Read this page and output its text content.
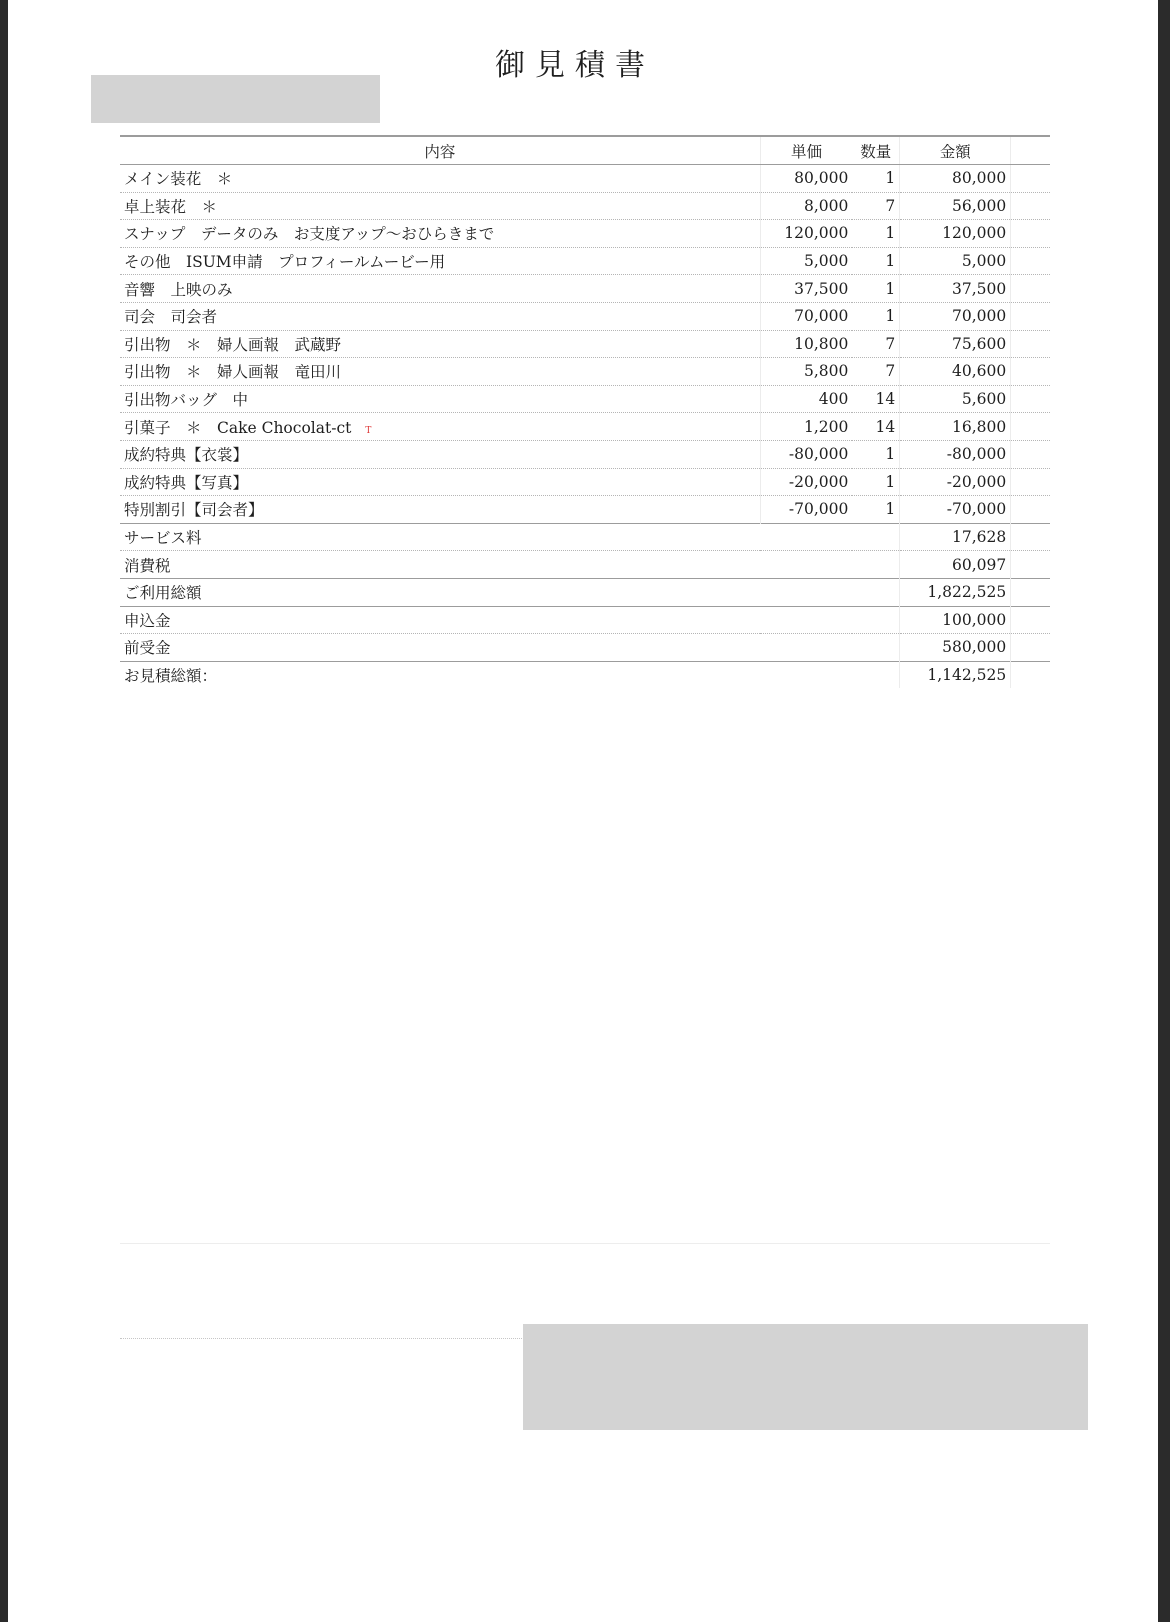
御見積書
内容	単価	数量	金額	
メイン装花　＊	80,000	1	80,000	
卓上装花　＊	8,000	7	56,000	
スナップ　データのみ　お支度アップ～おひらきまで	120,000	1	120,000	
その他　ISUM申請　プロフィールムービー用	5,000	1	5,000	
音響　上映のみ	37,500	1	37,500	
司会　司会者	70,000	1	70,000	
引出物　＊　婦人画報　武蔵野	10,800	7	75,600	
引出物　＊　婦人画報　竜田川	5,800	7	40,600	
引出物バッグ　中	400	14	5,600	
引菓子　＊　Cake Chocolat-ct T	1,200	14	16,800	
成約特典【衣裳】	-80,000	1	-80,000	
成約特典【写真】	-20,000	1	-20,000	
特別割引【司会者】	-70,000	1	-70,000	
サービス料			17,628	
消費税			60,097	
ご利用総額			1,822,525	
申込金			100,000	
前受金			580,000	
お見積総額：			1,142,525	
